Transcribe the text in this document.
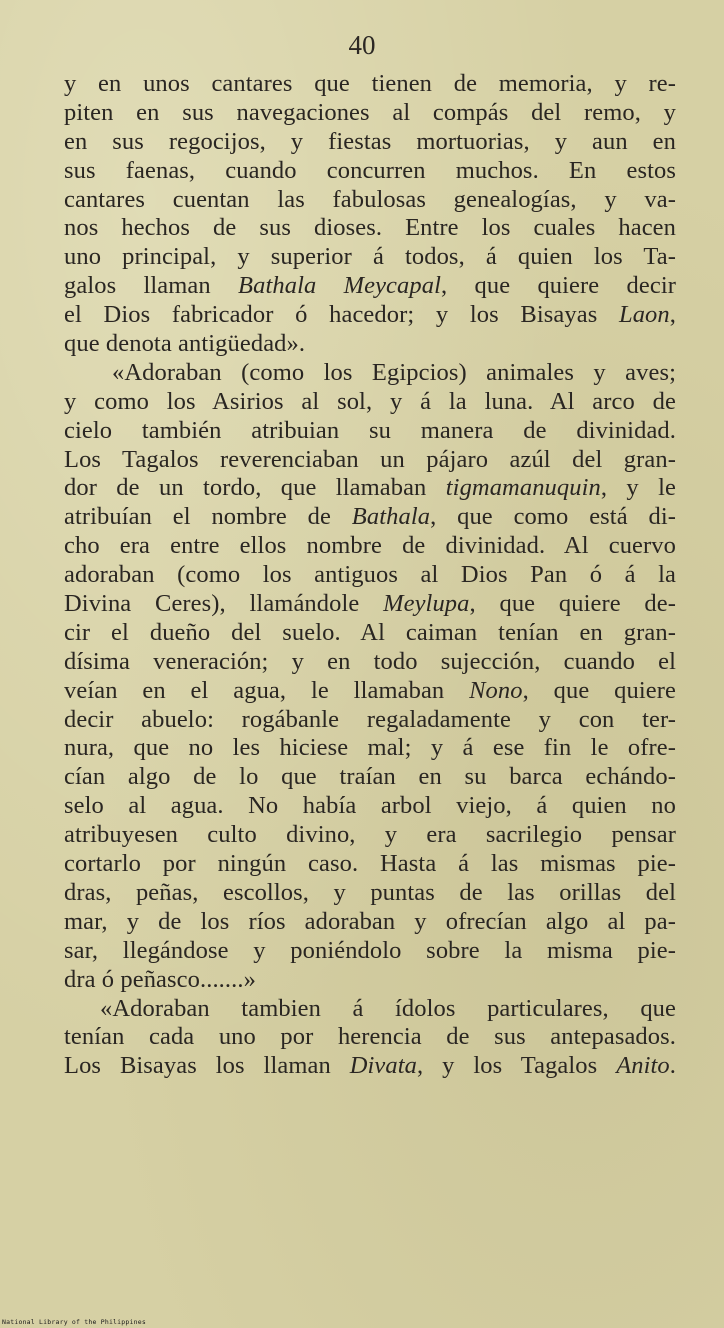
40
y en unos cantares que tienen de memoria, y re-
piten en sus navegaciones al compás del remo, y
en sus regocijos, y fiestas mortuorias, y aun en
sus faenas, cuando concurren muchos. En estos
cantares cuentan las fabulosas genealogías, y va-
nos hechos de sus dioses. Entre los cuales hacen
uno principal, y superior á todos, á quien los Ta-
galos llaman Bathala Meycapal, que quiere decir
el Dios fabricador ó hacedor; y los Bisayas Laon,
que denota antigüedad».
«Adoraban (como los Egipcios) animales y aves;
y como los Asirios al sol, y á la luna. Al arco de
cielo también atribuian su manera de divinidad.
Los Tagalos reverenciaban un pájaro azúl del gran-
dor de un tordo, que llamaban tigmamanuquin, y le
atribuían el nombre de Bathala, que como está di-
cho era entre ellos nombre de divinidad. Al cuervo
adoraban (como los antiguos al Dios Pan ó á la
Divina Ceres), llamándole Meylupa, que quiere de-
cir el dueño del suelo. Al caiman tenían en gran-
dísima veneración; y en todo sujección, cuando el
veían en el agua, le llamaban Nono, que quiere
decir abuelo: rogábanle regaladamente y con ter-
nura, que no les hiciese mal; y á ese fin le ofre-
cían algo de lo que traían en su barca echándo-
selo al agua. No había arbol viejo, á quien no
atribuyesen culto divino, y era sacrilegio pensar
cortarlo por ningún caso. Hasta á las mismas pie-
dras, peñas, escollos, y puntas de las orillas del
mar, y de los ríos adoraban y ofrecían algo al pa-
sar, llegándose y poniéndolo sobre la misma pie-
dra ó peñasco.......»
«Adoraban tambien á ídolos particulares, que
tenían cada uno por herencia de sus antepasados.
Los Bisayas los llaman Divata, y los Tagalos Anito.
National Library of the Philippines
